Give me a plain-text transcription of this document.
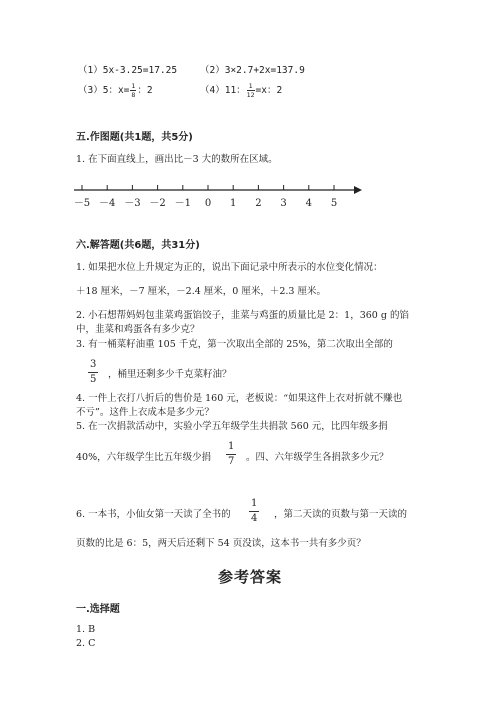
（1）5x-3.25=17.25 （2）3×2.7+2x=137.9
（3）5：$x= \frac{1}{8}$ ：2	（4）11： $\frac{1}{12} =x$：2
五.作图题(共1题，共5分)
1. 在下面直线上，画出比－3 大的数所在区域。
－5 －4 －3 －2 －1 0 1 2 3 4 5
六.解答题(共6题，共31分)
1. 如果把水位上升规定为正的，说出下面记录中所表示的水位变化情况：
＋18 厘米，－7 厘米，－2.4 厘米，0 厘米，＋2.3 厘米。
2. 小石想帮妈妈包韭菜鸡蛋馅饺子，韭菜与鸡蛋的质量比是 2：1，360 g 的馅
中，韭菜和鸡蛋各有多少克？
3. 有一桶菜籽油重 105 千克，第一次取出全部的 25%，第二次取出全部的
$\frac{3}{5}$ ，桶里还剩多少千克菜籽油？
4. 一件上衣打八折后的售价是 160 元，老板说：“如果这件上衣对折就不赚也
不亏”。这件上衣成本是多少元？
5. 在一次捐款活动中，实验小学五年级学生共捐款 560 元，比四年级多捐
40%，六年级学生比五年级少捐 $\frac{1}{7}$ 。四、六年级学生各捐款多少元？
6. 一本书，小仙女第一天读了全书的 $\frac{1}{4}$ ，第二天读的页数与第一天读的
页数的比是 6：5，两天后还剩下 54 页没读，这本书一共有多少页？
参考答案
一.选择题
1. B
2. C
